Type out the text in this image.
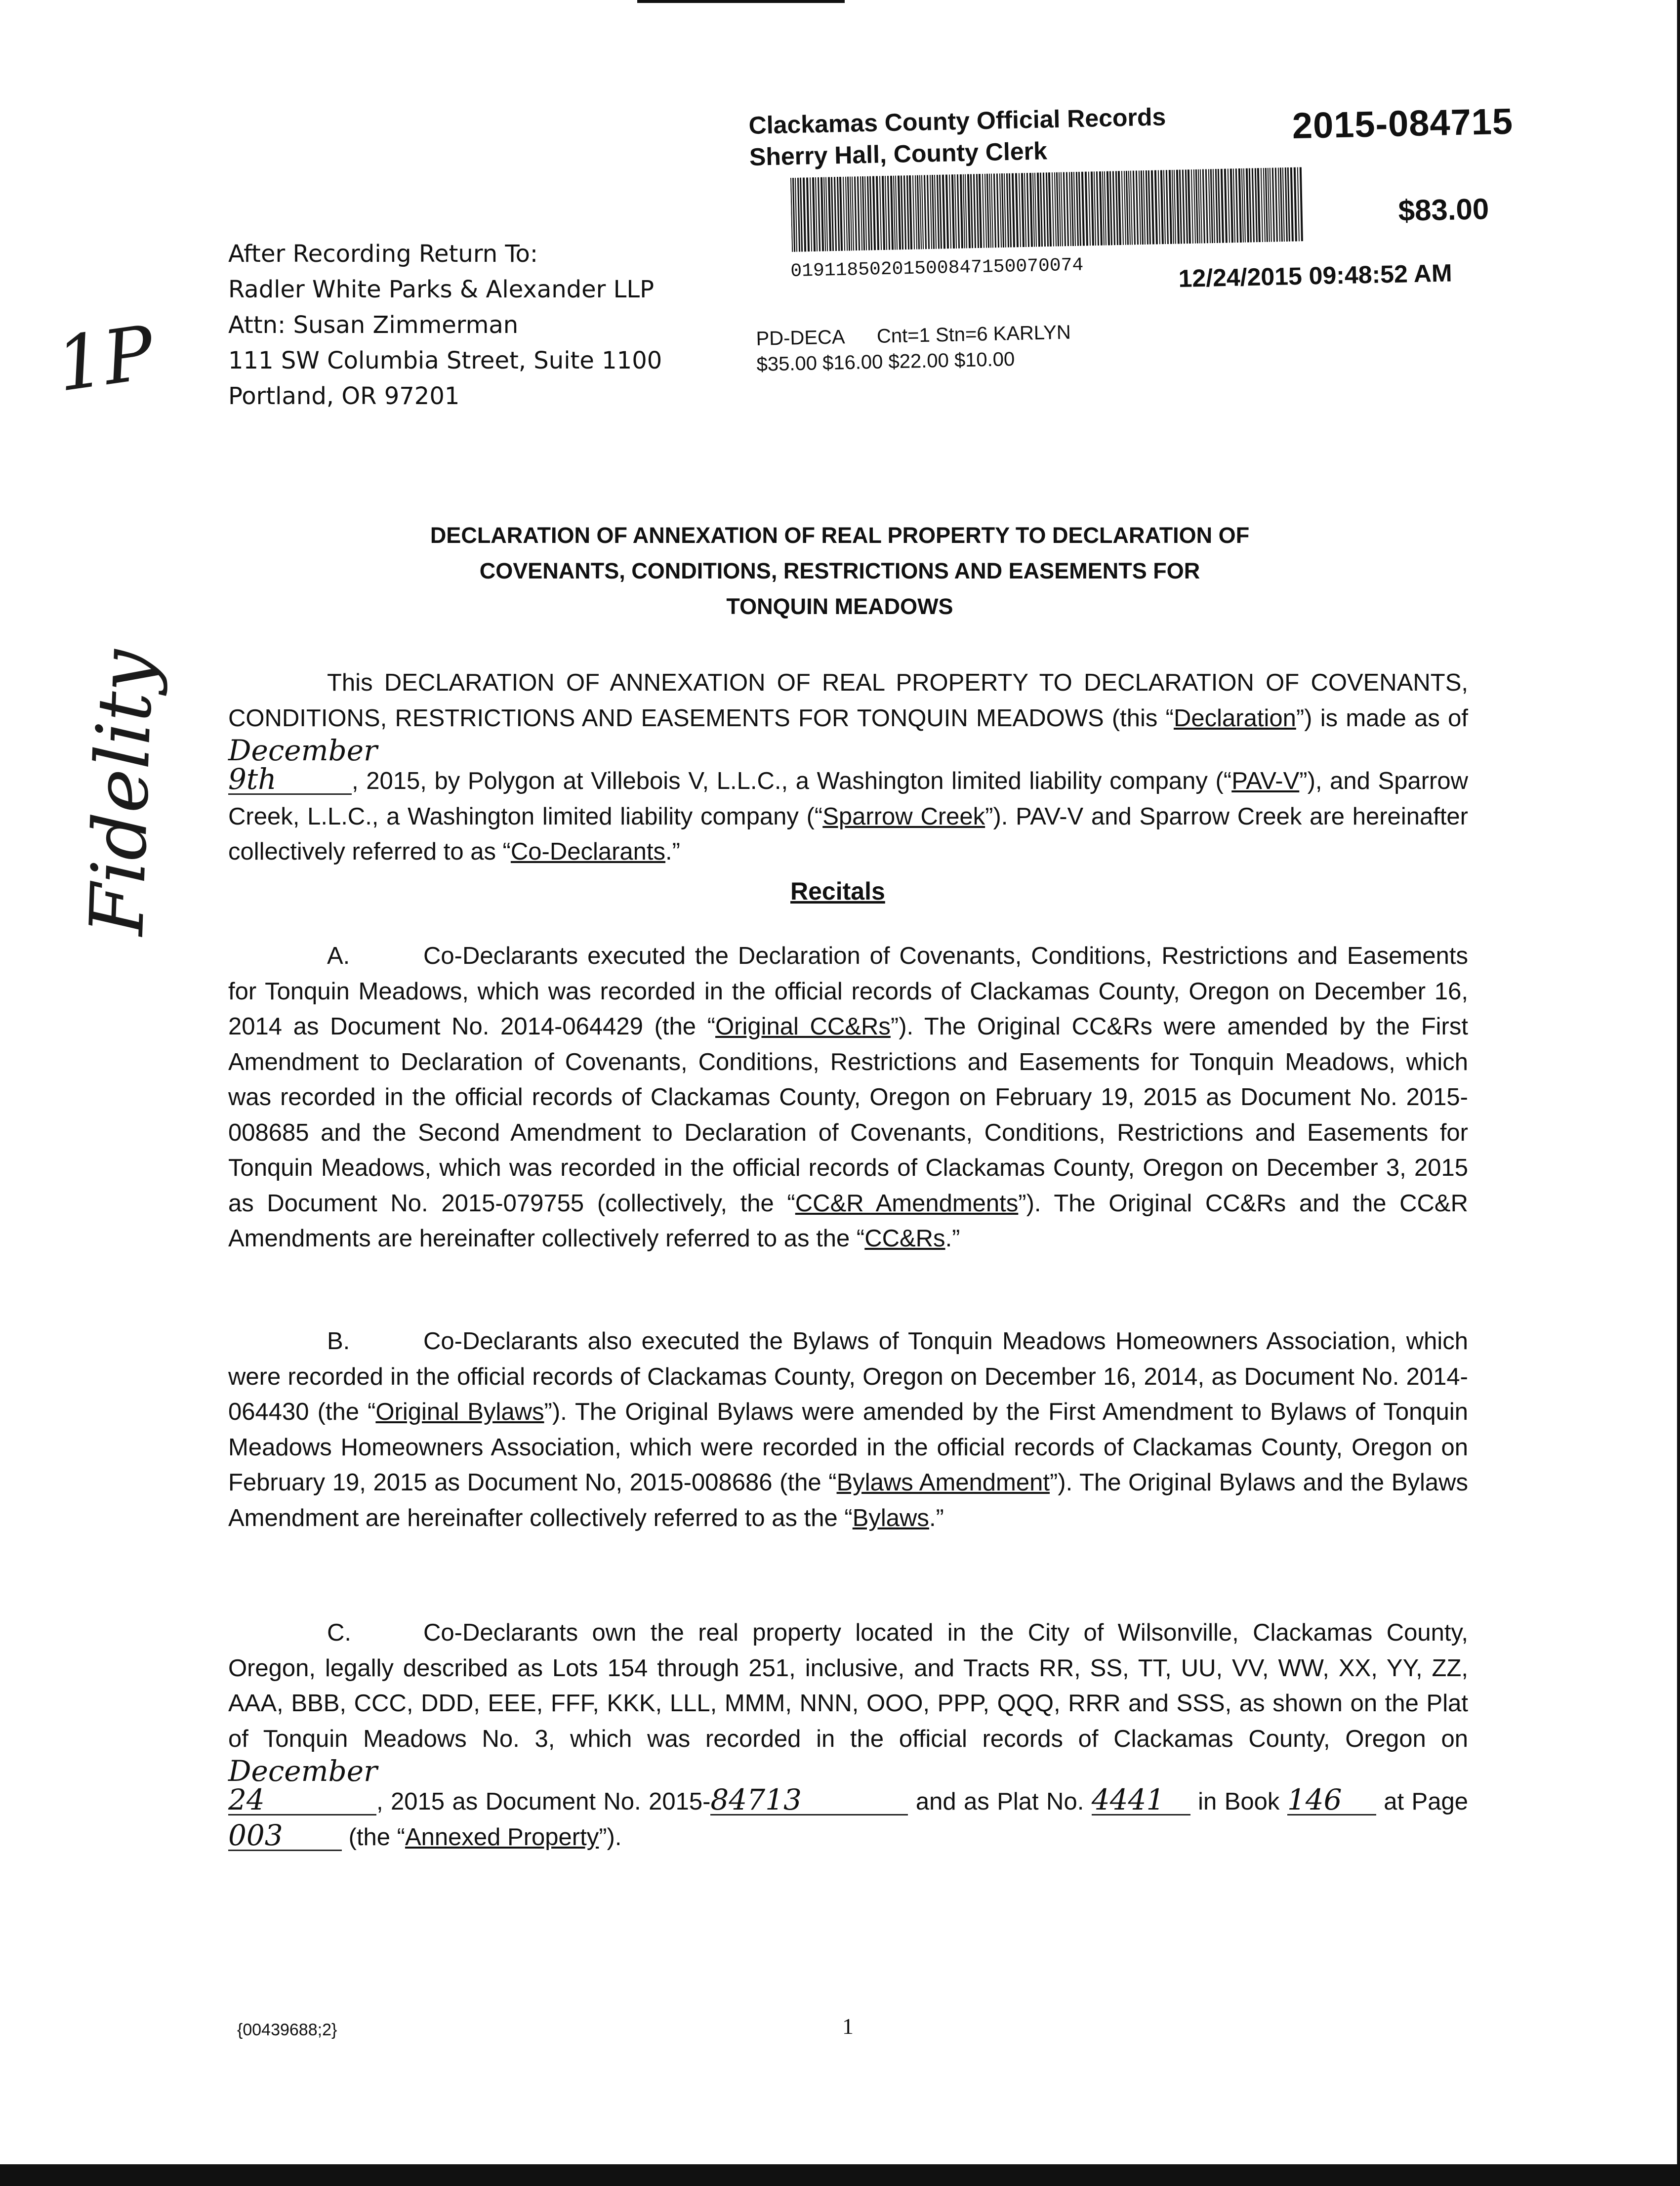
Clackamas County Official Records
Sherry Hall, County Clerk
2015-084715
01911850201500847150070074
$83.00
12/24/2015 09:48:52 AM
PD-DECA      Cnt=1 Stn=6 KARLYN
$35.00 $16.00 $22.00 $10.00
After Recording Return To:
Radler White Parks & Alexander LLP
Attn: Susan Zimmerman
111 SW Columbia Street, Suite 1100
Portland, OR 97201
1P
Fidelity
DECLARATION OF ANNEXATION OF REAL PROPERTY TO DECLARATION OF
COVENANTS, CONDITIONS, RESTRICTIONS AND EASEMENTS FOR
TONQUIN MEADOWS
This DECLARATION OF ANNEXATION OF REAL PROPERTY TO DECLARATION OF COVENANTS, CONDITIONS, RESTRICTIONS AND EASEMENTS FOR TONQUIN MEADOWS (this “Declaration”) is made as of December 9th	, 2015, by Polygon at Villebois V, L.L.C., a Washington limited liability company (“PAV-V”), and Sparrow Creek, L.L.C., a Washington limited liability company (“Sparrow Creek”). PAV-V and Sparrow Creek are hereinafter collectively referred to as “Co-Declarants.”
Recitals
A.	Co-Declarants executed the Declaration of Covenants, Conditions, Restrictions and Easements for Tonquin Meadows, which was recorded in the official records of Clackamas County, Oregon on December 16, 2014 as Document No. 2014-064429 (the “Original CC&Rs”). The Original CC&Rs were amended by the First Amendment to Declaration of Covenants, Conditions, Restrictions and Easements for Tonquin Meadows, which was recorded in the official records of Clackamas County, Oregon on February 19, 2015 as Document No. 2015-008685 and the Second Amendment to Declaration of Covenants, Conditions, Restrictions and Easements for Tonquin Meadows, which was recorded in the official records of Clackamas County, Oregon on December 3, 2015 as Document No. 2015-079755 (collectively, the “CC&R Amendments”). The Original CC&Rs and the CC&R Amendments are hereinafter collectively referred to as the “CC&Rs.”
B.	Co-Declarants also executed the Bylaws of Tonquin Meadows Homeowners Association, which were recorded in the official records of Clackamas County, Oregon on December 16, 2014, as Document No. 2014-064430 (the “Original Bylaws”). The Original Bylaws were amended by the First Amendment to Bylaws of Tonquin Meadows Homeowners Association, which were recorded in the official records of Clackamas County, Oregon on February 19, 2015 as Document No, 2015-008686 (the “Bylaws Amendment”). The Original Bylaws and the Bylaws Amendment are hereinafter collectively referred to as the “Bylaws.”
C.	Co-Declarants own the real property located in the City of Wilsonville, Clackamas County, Oregon, legally described as Lots 154 through 251, inclusive, and Tracts RR, SS, TT, UU, VV, WW, XX, YY, ZZ, AAA, BBB, CCC, DDD, EEE, FFF, KKK, LLL, MMM, NNN, OOO, PPP, QQQ, RRR and SSS, as shown on the Plat of Tonquin Meadows No. 3, which was recorded in the official records of Clackamas County, Oregon on December 24	, 2015 as Document No. 2015-84713	and as Plat No. 4441 in Book 146 at Page 003 (the “Annexed Property”).
{00439688;2}	1
